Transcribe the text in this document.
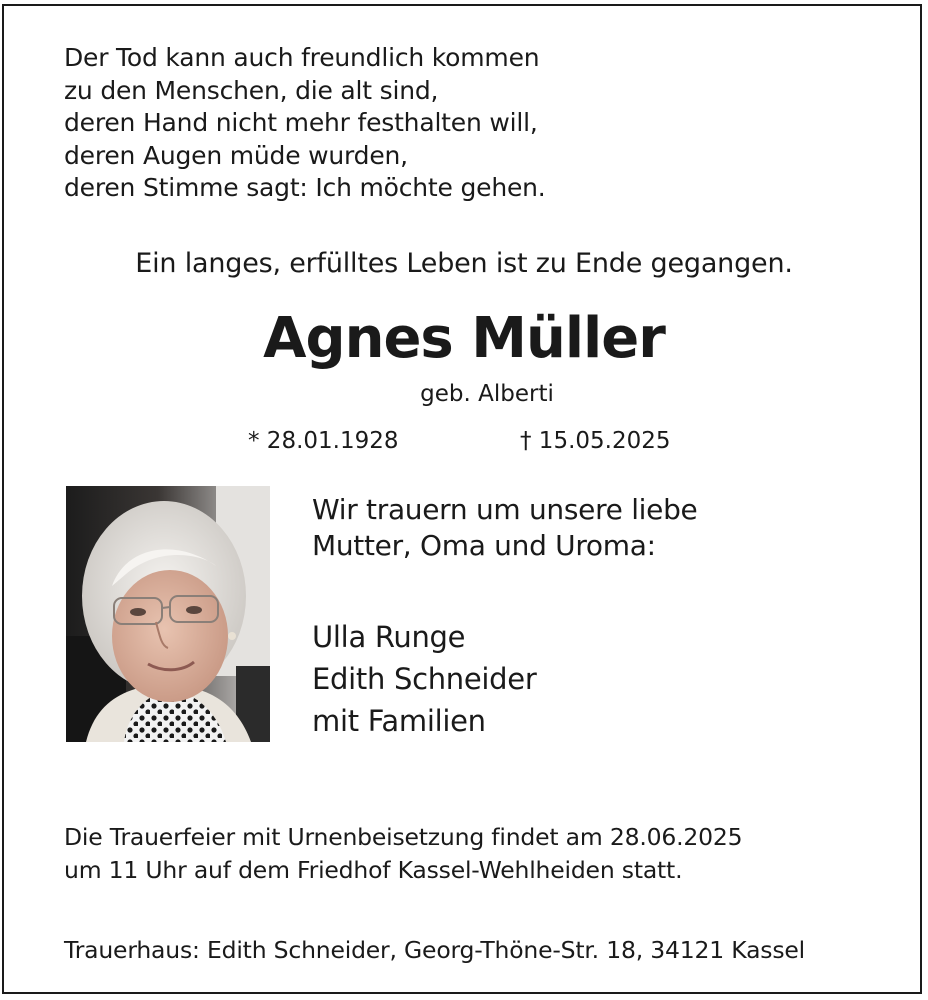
Der Tod kann auch freundlich kommen
zu den Menschen, die alt sind,
deren Hand nicht mehr festhalten will,
deren Augen müde wurden,
deren Stimme sagt: Ich möchte gehen.
Ein langes, erfülltes Leben ist zu Ende gegangen.
Agnes Müller
geb. Alberti
* 28.01.1928	† 15.05.2025
Wir trauern um unsere liebe
Mutter, Oma und Uroma:
Ulla Runge
Edith Schneider
mit Familien
Die Trauerfeier mit Urnenbeisetzung findet am 28.06.2025
um 11 Uhr auf dem Friedhof Kassel-Wehlheiden statt.
Trauerhaus: Edith Schneider, Georg-Thöne-Str. 18, 34121 Kassel
